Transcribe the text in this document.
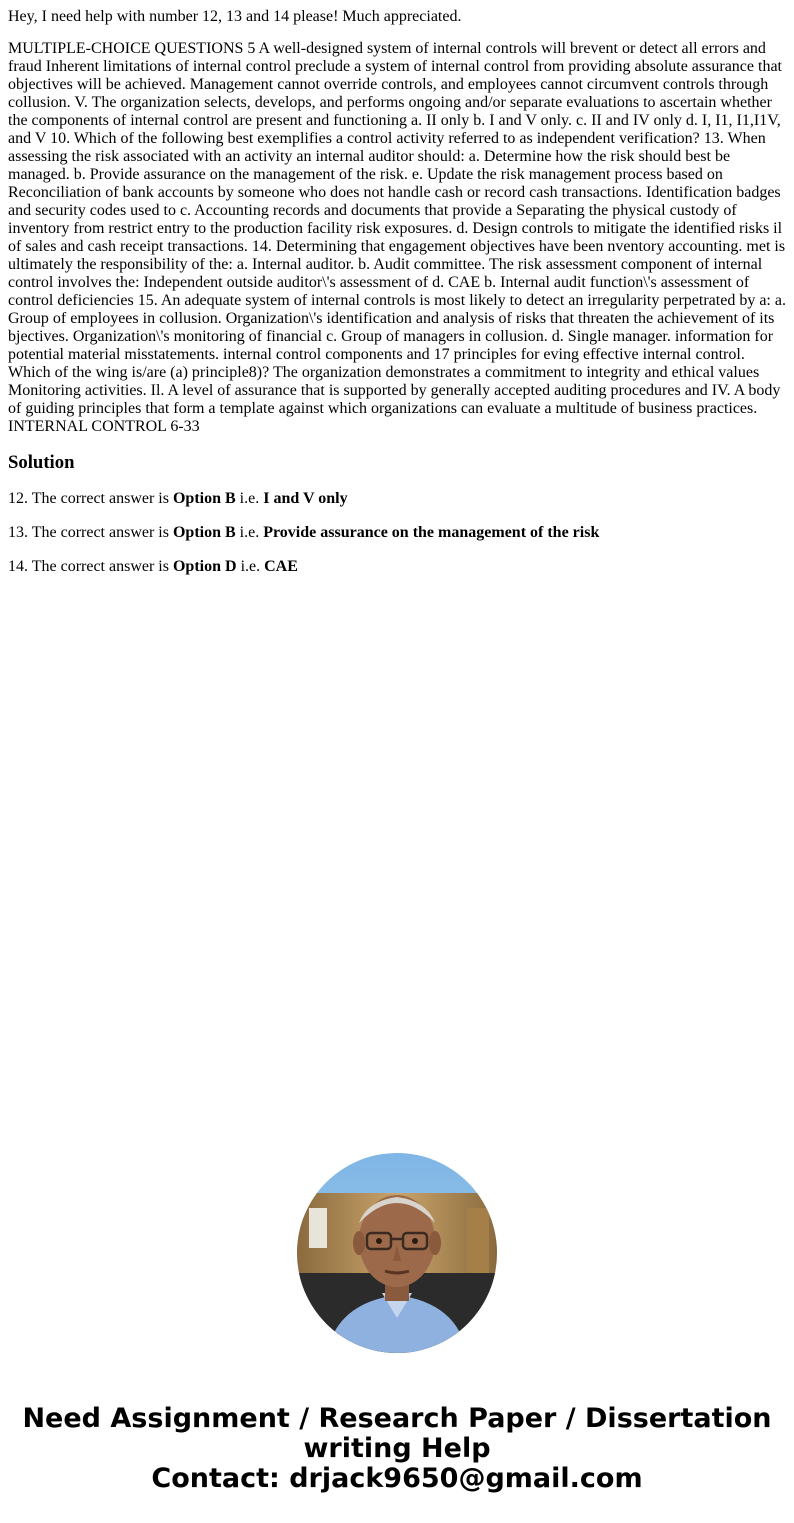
Hey, I need help with number 12, 13 and 14 please! Much appreciated.

MULTIPLE-CHOICE QUESTIONS 5 A well-designed system of internal controls will brevent or detect all errors and fraud Inherent limitations of internal control preclude a system of internal control from providing absolute assurance that objectives will be achieved. Management cannot override controls, and employees cannot circumvent controls through collusion. V. The organization selects, develops, and performs ongoing and/or separate evaluations to ascertain whether the components of internal control are present and functioning a. II only b. I and V only. c. II and IV only d. I, I1, I1,I1V, and V 10. Which of the following best exemplifies a control activity referred to as independent verification? 13. When assessing the risk associated with an activity an internal auditor should: a. Determine how the risk should best be managed. b. Provide assurance on the management of the risk. e. Update the risk management process based on Reconciliation of bank accounts by someone who does not handle cash or record cash transactions. Identification badges and security codes used to c. Accounting records and documents that provide a Separating the physical custody of inventory from restrict entry to the production facility risk exposures. d. Design controls to mitigate the identified risks il of sales and cash receipt transactions. 14. Determining that engagement objectives have been nventory accounting. met is ultimately the responsibility of the: a. Internal auditor. b. Audit committee. The risk assessment component of internal control involves the: Independent outside auditor\'s assessment of d. CAE b. Internal audit function\'s assessment of control deficiencies 15. An adequate system of internal controls is most likely to detect an irregularity perpetrated by a: a. Group of employees in collusion. Organization\'s identification and analysis of risks that threaten the achievement of its bjectives. Organization\'s monitoring of financial c. Group of managers in collusion. d. Single manager. information for potential material misstatements. internal control components and 17 principles for eving effective internal control. Which of the wing is/are (a) principle8)? The organization demonstrates a commitment to integrity and ethical values Monitoring activities. Il. A level of assurance that is supported by generally accepted auditing procedures and IV. A body of guiding principles that form a template against which organizations can evaluate a multitude of business practices. INTERNAL CONTROL 6-33

Solution

12. The correct answer is Option B i.e. I and V only

13. The correct answer is Option B i.e. Provide assurance on the management of the risk

14. The correct answer is Option D i.e. CAE

Need Assignment / Research Paper / Dissertation writing Help
Contact: drjack9650@gmail.com
